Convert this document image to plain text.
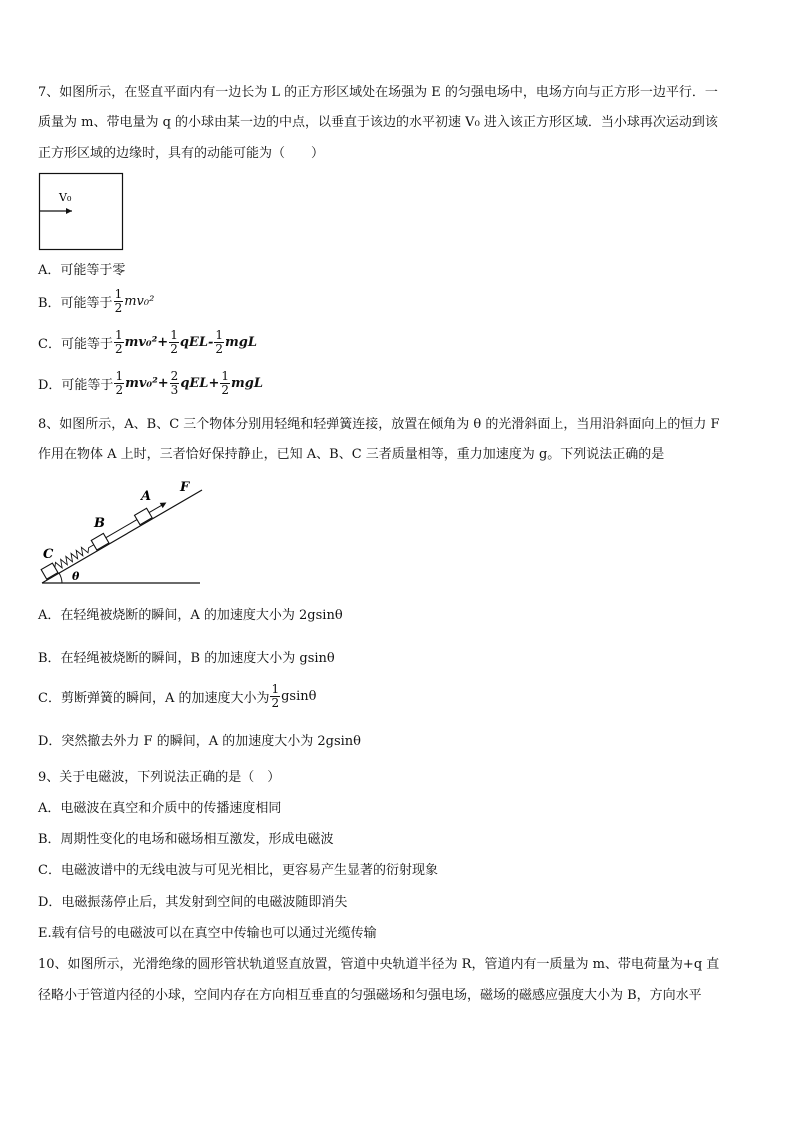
7、如图所示，在竖直平面内有一边长为 L 的正方形区域处在场强为 E 的匀强电场中，电场方向与正方形一边平行．一
质量为 m、带电量为 q 的小球由某一边的中点，以垂直于该边的水平初速 V₀ 进入该正方形区域．当小球再次运动到该
正方形区域的边缘时，具有的动能可能为（　　）
V₀
A．可能等于零
B．可能等于 $\frac{1}{2} mv_0^2$
C．可能等于 $\frac{1}{2} mv_0^2+ \frac{1}{2} qEL- \frac{1}{2}$ mgL
D．可能等于 $\frac{1}{2} mv_0^2+ \frac{2}{3} qEL+ \frac{1}{2}$ mgL
8、如图所示，A、B、C 三个物体分别用轻绳和轻弹簧连接，放置在倾角为 θ 的光滑斜面上，当用沿斜面向上的恒力 F
作用在物体 A 上时，三者恰好保持静止，已知 A、B、C 三者质量相等，重力加速度为 g。下列说法正确的是
θ
C
B
A
F
A．在轻绳被烧断的瞬间，A 的加速度大小为 2gsinθ
B．在轻绳被烧断的瞬间，B 的加速度大小为 gsinθ
C．剪断弹簧的瞬间，A 的加速度大小为 $\frac{1}{2}$ gsinθ
D．突然撤去外力 F 的瞬间，A 的加速度大小为 2gsinθ
9、关于电磁波，下列说法正确的是（　）
A．电磁波在真空和介质中的传播速度相同
B．周期性变化的电场和磁场相互激发，形成电磁波
C．电磁波谱中的无线电波与可见光相比，更容易产生显著的衍射现象
D．电磁振荡停止后，其发射到空间的电磁波随即消失
E.载有信号的电磁波可以在真空中传输也可以通过光缆传输
10、如图所示，光滑绝缘的圆形管状轨道竖直放置，管道中央轨道半径为 R，管道内有一质量为 m、带电荷量为+q 直
径略小于管道内径的小球，空间内存在方向相互垂直的匀强磁场和匀强电场，磁场的磁感应强度大小为 B，方向水平
